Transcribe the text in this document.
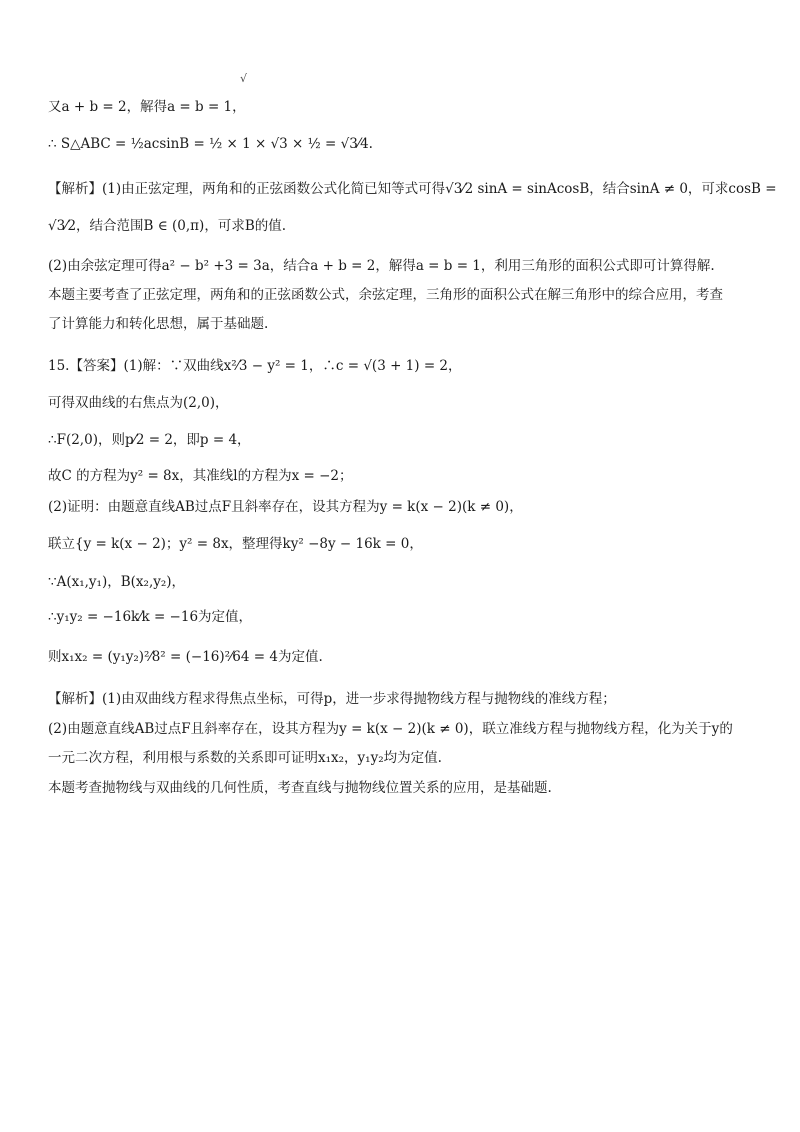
√
又a + b = 2，解得a = b = 1，
∴ S△ABC = ½acsinB = ½ × 1 × √3 × ½ = √3⁄4.
【解析】(1)由正弦定理，两角和的正弦函数公式化简已知等式可得√3⁄2 sinA = sinAcosB，结合sinA ≠ 0，可求cosB =
√3⁄2，结合范围B ∈ (0,π)，可求B的值.
(2)由余弦定理可得a² − b² +3 = 3a，结合a + b = 2，解得a = b = 1，利用三角形的面积公式即可计算得解.
本题主要考查了正弦定理，两角和的正弦函数公式，余弦定理，三角形的面积公式在解三角形中的综合应用，考查
了计算能力和转化思想，属于基础题.
15.【答案】(1)解：∵双曲线x²⁄3 − y² = 1，∴c = √(3 + 1) = 2，
可得双曲线的右焦点为(2,0)，
∴F(2,0)，则p⁄2 = 2，即p = 4，
故C 的方程为y² = 8x，其准线l的方程为x = −2；
(2)证明：由题意直线AB过点F且斜率存在，设其方程为y = k(x − 2)(k ≠ 0)，
联立{y = k(x − 2)；y² = 8x，整理得ky² −8y − 16k = 0，
∵A(x₁,y₁)，B(x₂,y₂)，
∴y₁y₂ = −16k⁄k = −16为定值，
则x₁x₂ = (y₁y₂)²⁄8² = (−16)²⁄64 = 4为定值.
【解析】(1)由双曲线方程求得焦点坐标，可得p，进一步求得抛物线方程与抛物线的准线方程；
(2)由题意直线AB过点F且斜率存在，设其方程为y = k(x − 2)(k ≠ 0)，联立准线方程与抛物线方程，化为关于y的
一元二次方程，利用根与系数的关系即可证明x₁x₂，y₁y₂均为定值.
本题考查抛物线与双曲线的几何性质，考查直线与抛物线位置关系的应用，是基础题.
